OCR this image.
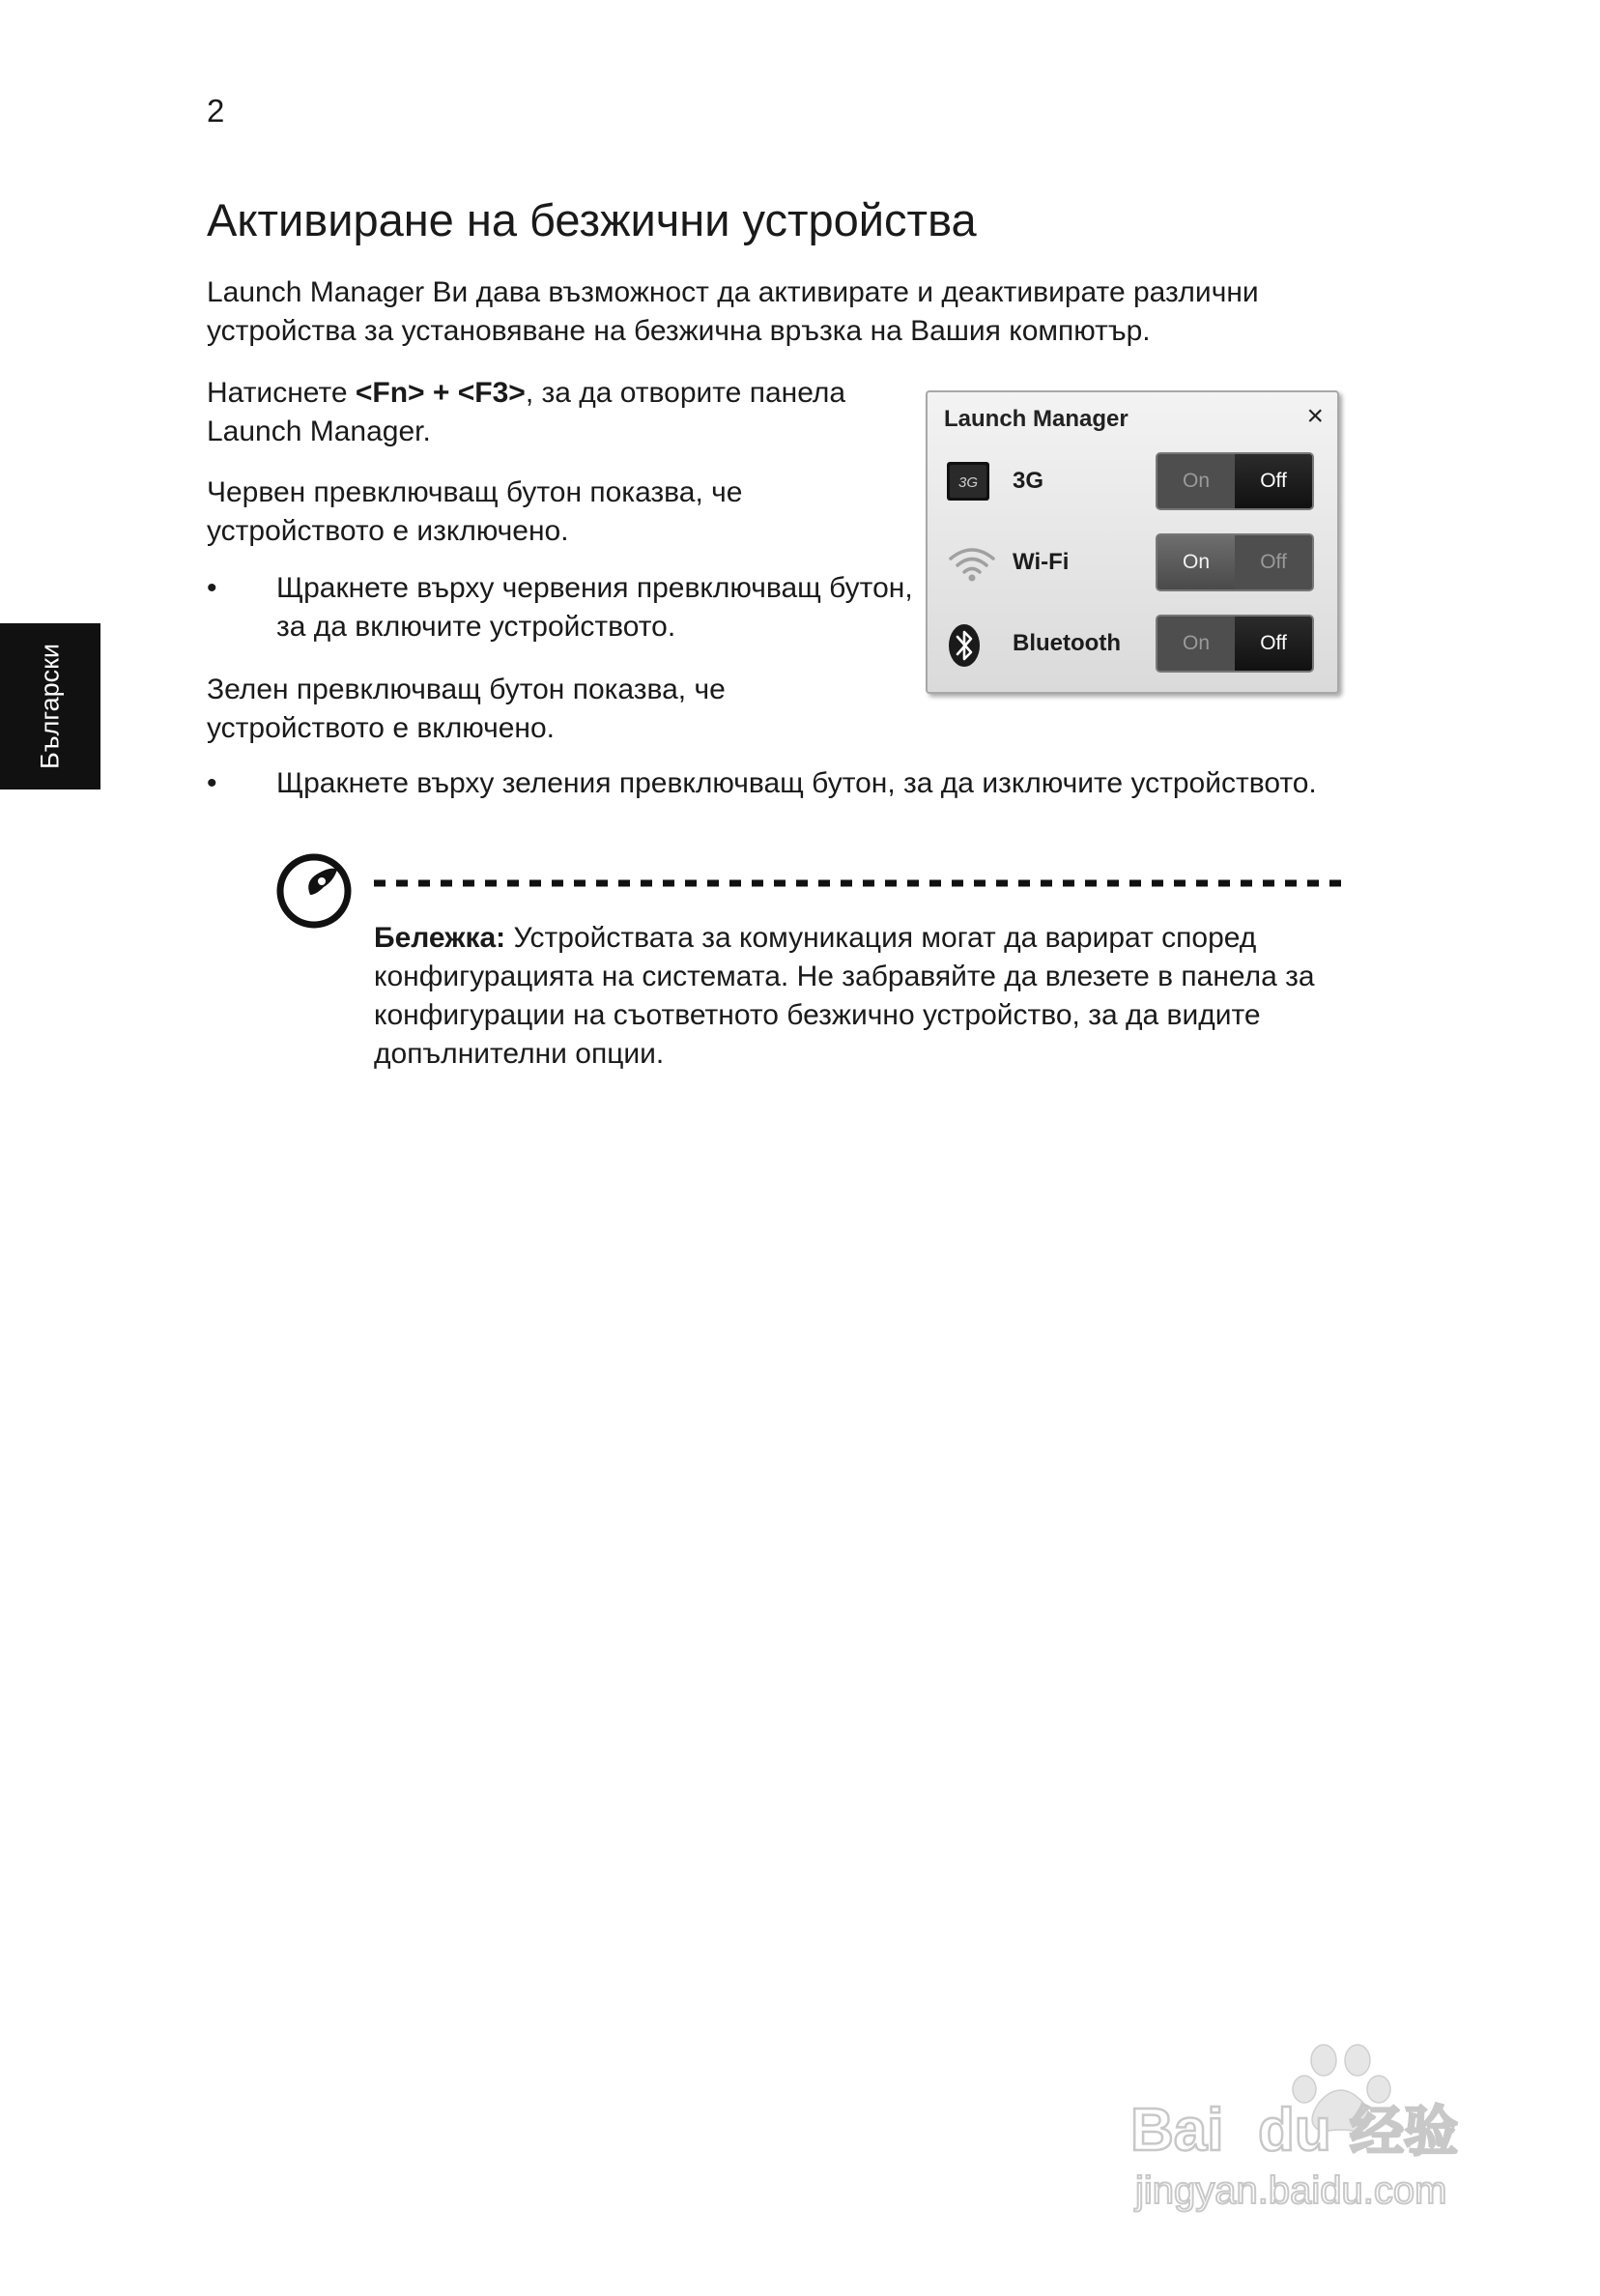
2
Български
Активиране на безжични устройства

Launch Manager Ви дава възможност да активирате и деактивирате различни устройства за установяване на безжична връзка на Вашия компютър.

Натиснете <Fn> + <F3>, за да отворите панела Launch Manager.

Червен превключващ бутон показва, че устройството е изключено.

•	Щракнете върху червения превключващ бутон, за да включите устройството.

Зелен превключващ бутон показва, че устройството е включено.

•	Щракнете върху зеления превключващ бутон, за да изключите устройството.
Launch Manager	×
3G 3G	On	Off
Wi-Fi	On	Off
Bluetooth	On	Off

Бележка: Устройствата за комуникация могат да варират според конфигурацията на системата. Не забравяйте да влезете в панела за конфигурации на съответното безжично устройство, за да видите допълнителни опции.

Bai du 经验
jingyan.baidu.com
